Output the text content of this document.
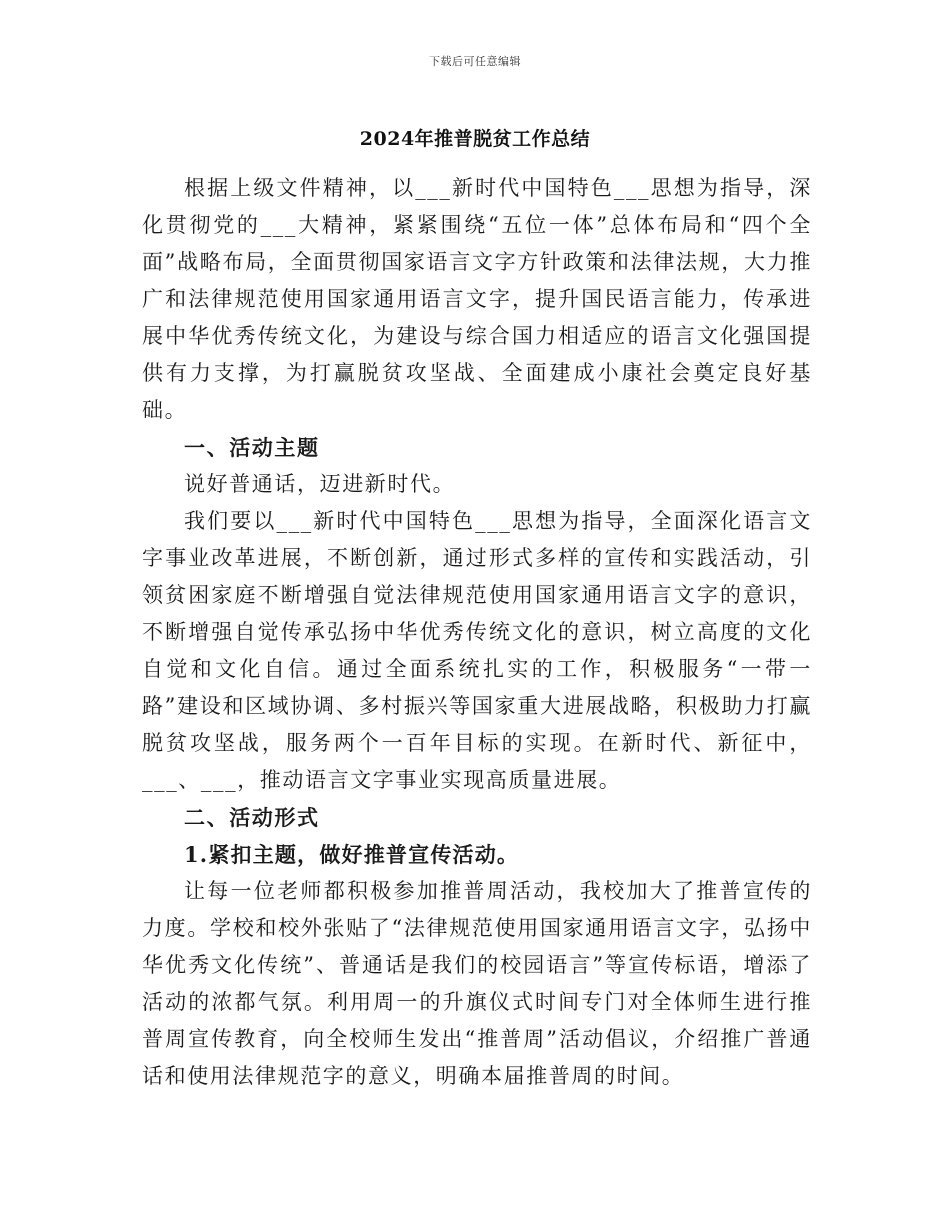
下载后可任意编辑
2024年推普脱贫工作总结

根据上级文件精神，以___新时代中国特色___思想为指导，深化贯彻党的___大精神，紧紧围绕“五位一体”总体布局和“四个全面”战略布局，全面贯彻国家语言文字方针政策和法律法规，大力推广和法律规范使用国家通用语言文字，提升国民语言能力，传承进展中华优秀传统文化，为建设与综合国力相适应的语言文化强国提供有力支撑，为打赢脱贫攻坚战、全面建成小康社会奠定良好基础。

一、活动主题

说好普通话，迈进新时代。

我们要以___新时代中国特色___思想为指导，全面深化语言文字事业改革进展，不断创新，通过形式多样的宣传和实践活动，引领贫困家庭不断增强自觉法律规范使用国家通用语言文字的意识，不断增强自觉传承弘扬中华优秀传统文化的意识，树立高度的文化自觉和文化自信。通过全面系统扎实的工作，积极服务“一带一路”建设和区域协调、多村振兴等国家重大进展战略，积极助力打赢脱贫攻坚战，服务两个一百年目标的实现。在新时代、新征中，___、___，推动语言文字事业实现高质量进展。

二、活动形式

1.紧扣主题，做好推普宣传活动。

让每一位老师都积极参加推普周活动，我校加大了推普宣传的力度。学校和校外张贴了“法律规范使用国家通用语言文字，弘扬中华优秀文化传统”、普通话是我们的校园语言”等宣传标语，增添了活动的浓都气氛。利用周一的升旗仪式时间专门对全体师生进行推普周宣传教育，向全校师生发出“推普周”活动倡议，介绍推广普通话和使用法律规范字的意义，明确本届推普周的时间。
